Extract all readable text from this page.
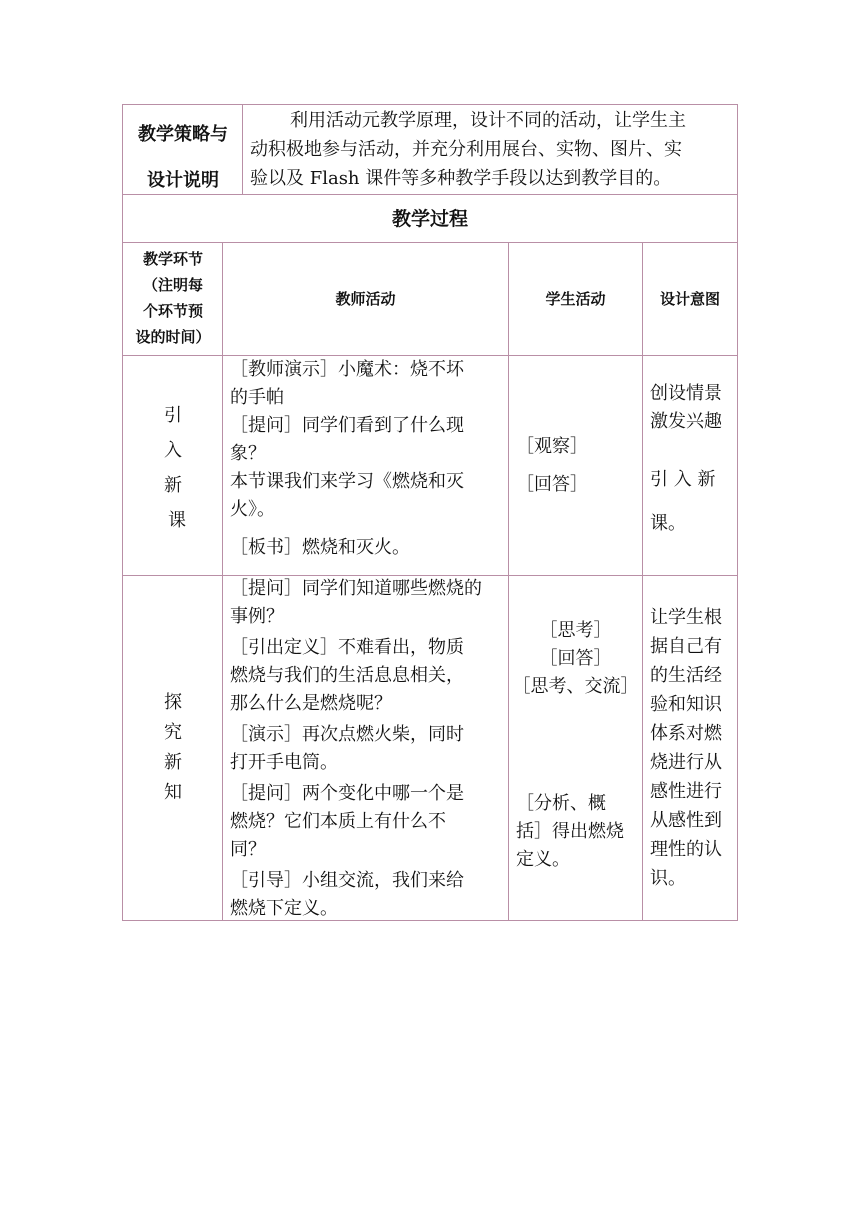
教学策略与
设计说明
利用活动元教学原理，设计不同的活动，让学生主
动积极地参与活动，并充分利用展台、实物、图片、实
验以及 Flash 课件等多种教学手段以达到教学目的。
教学过程
教学环节
（注明每
个环节预
设的时间）
教师活动	学生活动	设计意图
引
入
新
课
［教师演示］小魔术：烧不坏
的手帕
［提问］同学们看到了什么现
象？
本节课我们来学习《燃烧和灭
火》。
［板书］燃烧和灭火。
［观察］
［回答］
创设情景
激发兴趣
引 入 新
课。
探
究
新
知
［提问］同学们知道哪些燃烧的
事例？
［引出定义］不难看出，物质
燃烧与我们的生活息息相关，
那么什么是燃烧呢？
［演示］再次点燃火柴，同时
打开手电筒。
［提问］两个变化中哪一个是
燃烧？它们本质上有什么不
同？
［引导］小组交流，我们来给
燃烧下定义。
［思考］
［回答］
［思考、交流］
［分析、概
括］得出燃烧
定义。
让学生根
据自己有
的生活经
验和知识
体系对燃
烧进行从
感性进行
从感性到
理性的认
识。
